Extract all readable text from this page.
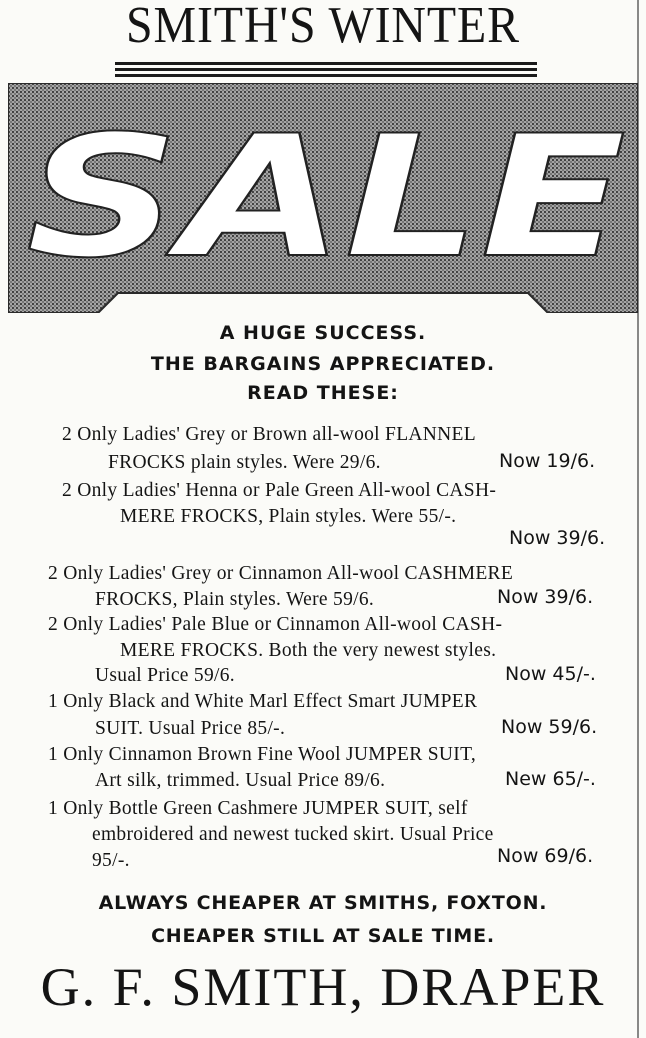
SMITH'S WINTER
SALE
A HUGE SUCCESS.
THE BARGAINS APPRECIATED.
READ THESE:
2 Only Ladies' Grey or Brown all-wool FLANNEL
FROCKS plain styles. Were 29/6.	Now 19/6.
2 Only Ladies' Henna or Pale Green All-wool CASH-
MERE FROCKS, Plain styles. Were 55/-.
Now 39/6.
2 Only Ladies' Grey or Cinnamon All-wool CASHMERE
FROCKS, Plain styles. Were 59/6.	Now 39/6.
2 Only Ladies' Pale Blue or Cinnamon All-wool CASH-
MERE FROCKS. Both the very newest styles.
Usual Price 59/6.	Now 45/-.
1 Only Black and White Marl Effect Smart JUMPER
SUIT. Usual Price 85/-.	Now 59/6.
1 Only Cinnamon Brown Fine Wool JUMPER SUIT,
Art silk, trimmed. Usual Price 89/6.	New 65/-.
1 Only Bottle Green Cashmere JUMPER SUIT, self
embroidered and newest tucked skirt. Usual Price
95/-.	Now 69/6.
ALWAYS CHEAPER AT SMITHS, FOXTON.
CHEAPER STILL AT SALE TIME.
G. F. SMITH, DRAPER
